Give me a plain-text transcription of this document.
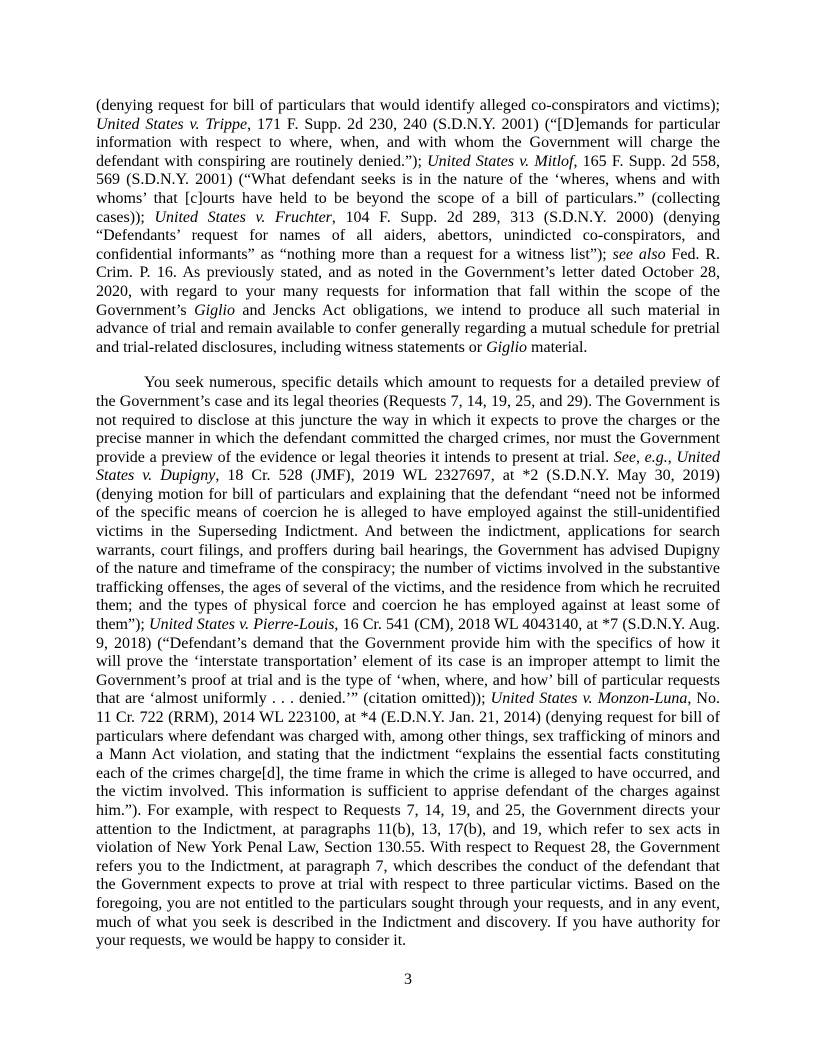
(denying request for bill of particulars that would identify alleged co-conspirators and victims); United States v. Trippe, 171 F. Supp. 2d 230, 240 (S.D.N.Y. 2001) (“[D]emands for particular information with respect to where, when, and with whom the Government will charge the defendant with conspiring are routinely denied.”); United States v. Mitlof, 165 F. Supp. 2d 558, 569 (S.D.N.Y. 2001) (“What defendant seeks is in the nature of the ‘wheres, whens and with whoms’ that [c]ourts have held to be beyond the scope of a bill of particulars.” (collecting cases)); United States v. Fruchter, 104 F. Supp. 2d 289, 313 (S.D.N.Y. 2000) (denying “Defendants’ request for names of all aiders, abettors, unindicted co-conspirators, and confidential informants” as “nothing more than a request for a witness list”); see also Fed. R. Crim. P. 16. As previously stated, and as noted in the Government’s letter dated October 28, 2020, with regard to your many requests for information that fall within the scope of the Government’s Giglio and Jencks Act obligations, we intend to produce all such material in advance of trial and remain available to confer generally regarding a mutual schedule for pretrial and trial-related disclosures, including witness statements or Giglio material.

You seek numerous, specific details which amount to requests for a detailed preview of the Government’s case and its legal theories (Requests 7, 14, 19, 25, and 29). The Government is not required to disclose at this juncture the way in which it expects to prove the charges or the precise manner in which the defendant committed the charged crimes, nor must the Government provide a preview of the evidence or legal theories it intends to present at trial. See, e.g., United States v. Dupigny, 18 Cr. 528 (JMF), 2019 WL 2327697, at *2 (S.D.N.Y. May 30, 2019) (denying motion for bill of particulars and explaining that the defendant “need not be informed of the specific means of coercion he is alleged to have employed against the still-unidentified victims in the Superseding Indictment. And between the indictment, applications for search warrants, court filings, and proffers during bail hearings, the Government has advised Dupigny of the nature and timeframe of the conspiracy; the number of victims involved in the substantive trafficking offenses, the ages of several of the victims, and the residence from which he recruited them; and the types of physical force and coercion he has employed against at least some of them”); United States v. Pierre-Louis, 16 Cr. 541 (CM), 2018 WL 4043140, at *7 (S.D.N.Y. Aug. 9, 2018) (“Defendant’s demand that the Government provide him with the specifics of how it will prove the ‘interstate transportation’ element of its case is an improper attempt to limit the Government’s proof at trial and is the type of ‘when, where, and how’ bill of particular requests that are ‘almost uniformly . . . denied.’” (citation omitted)); United States v. Monzon-Luna, No. 11 Cr. 722 (RRM), 2014 WL 223100, at *4 (E.D.N.Y. Jan. 21, 2014) (denying request for bill of particulars where defendant was charged with, among other things, sex trafficking of minors and a Mann Act violation, and stating that the indictment “explains the essential facts constituting each of the crimes charge[d], the time frame in which the crime is alleged to have occurred, and the victim involved. This information is sufficient to apprise defendant of the charges against him.”). For example, with respect to Requests 7, 14, 19, and 25, the Government directs your attention to the Indictment, at paragraphs 11(b), 13, 17(b), and 19, which refer to sex acts in violation of New York Penal Law, Section 130.55. With respect to Request 28, the Government refers you to the Indictment, at paragraph 7, which describes the conduct of the defendant that the Government expects to prove at trial with respect to three particular victims. Based on the foregoing, you are not entitled to the particulars sought through your requests, and in any event, much of what you seek is described in the Indictment and discovery. If you have authority for your requests, we would be happy to consider it.

3
